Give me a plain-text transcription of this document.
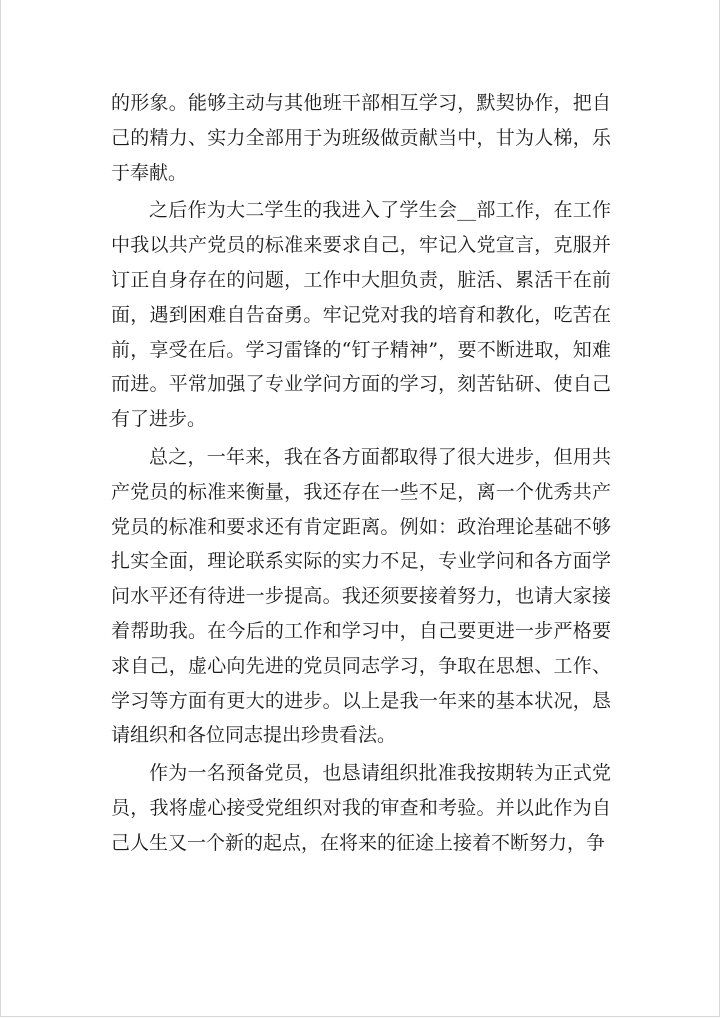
的形象。能够主动与其他班干部相互学习，默契协作，把自己的精力、实力全部用于为班级做贡献当中，甘为人梯，乐于奉献。

之后作为大二学生的我进入了学生会__部工作，在工作中我以共产党员的标准来要求自己，牢记入党宣言，克服并订正自身存在的问题，工作中大胆负责，脏活、累活干在前面，遇到困难自告奋勇。牢记党对我的培育和教化，吃苦在前，享受在后。学习雷锋的“钉子精神”，要不断进取，知难而进。平常加强了专业学问方面的学习，刻苦钻研、使自己有了进步。

总之，一年来，我在各方面都取得了很大进步，但用共产党员的标准来衡量，我还存在一些不足，离一个优秀共产党员的标准和要求还有肯定距离。例如：政治理论基础不够扎实全面，理论联系实际的实力不足，专业学问和各方面学问水平还有待进一步提高。我还须要接着努力，也请大家接着帮助我。在今后的工作和学习中，自己要更进一步严格要求自己，虚心向先进的党员同志学习，争取在思想、工作、学习等方面有更大的进步。以上是我一年来的基本状况，恳请组织和各位同志提出珍贵看法。

作为一名预备党员，也恳请组织批准我按期转为正式党员，我将虚心接受党组织对我的审查和考验。并以此作为自己人生又一个新的起点，在将来的征途上接着不断努力，争
